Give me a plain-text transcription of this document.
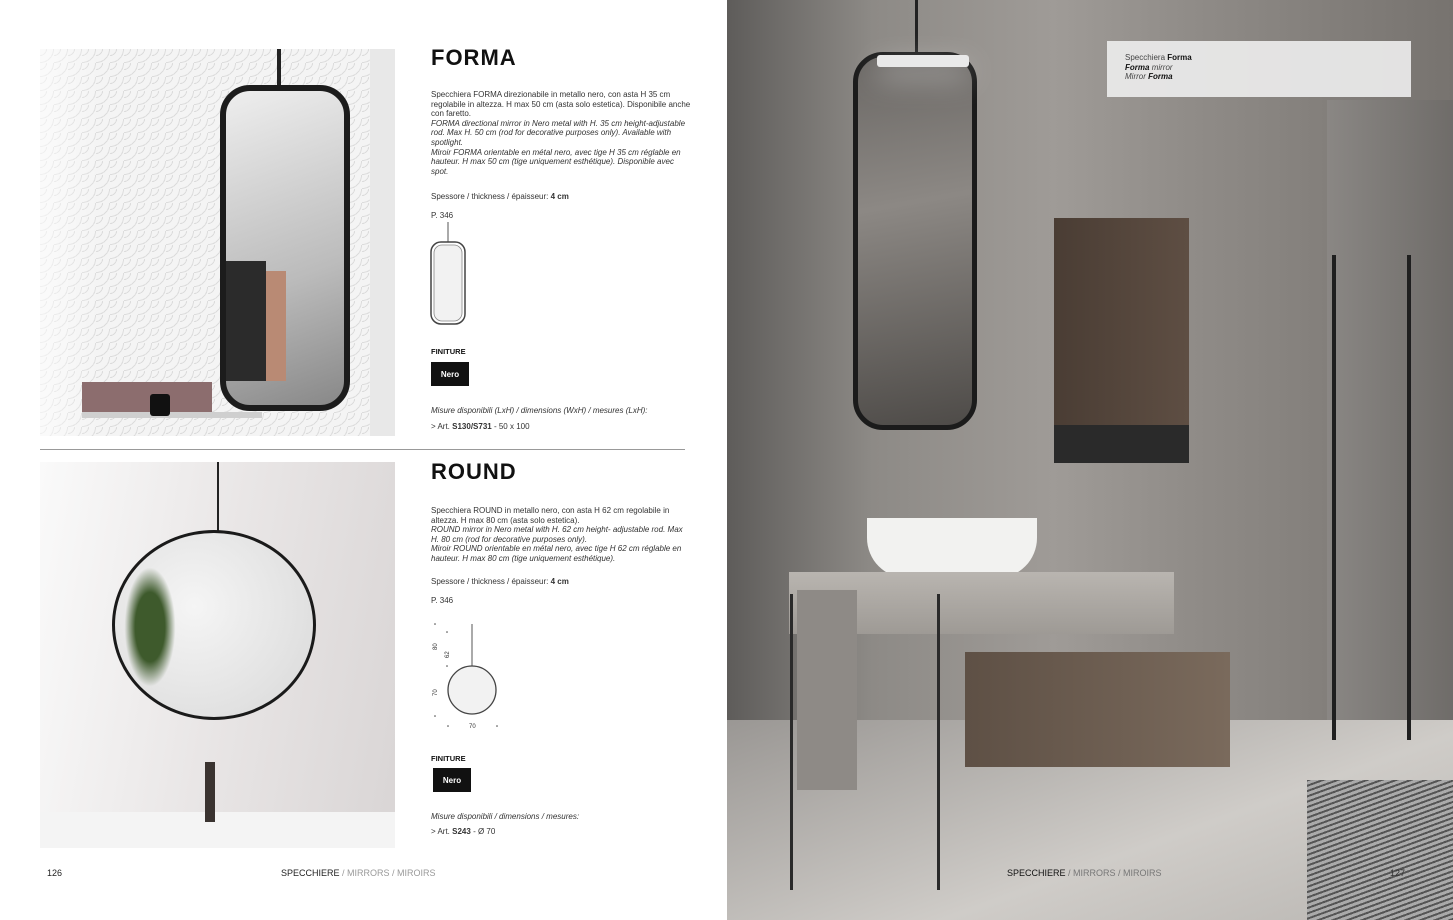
FORMA
Specchiera FORMA direzionabile in metallo nero, con asta H 35 cm regolabile in altezza. H max 50 cm (asta solo estetica). Disponibile anche con faretto.
FORMA directional mirror in Nero metal with H. 35 cm height-adjustable rod. Max H. 50 cm (rod for decorative purposes only). Available with spotlight.
Miroir FORMA orientable en métal nero, avec tige H 35 cm réglable en hauteur. H max 50 cm (tige uniquement esthétique). Disponible avec spot.
Spessore / thickness / épaisseur: 4 cm
P. 346
FINITURE
Nero
Misure disponibili (LxH) / dimensions (WxH) / mesures (LxH):
> Art. S130/S731 - 50 x 100
ROUND
Specchiera ROUND in metallo nero, con asta H 62 cm regolabile in altezza. H max 80 cm (asta solo estetica).
ROUND mirror in Nero metal with H. 62 cm height- adjustable rod. Max H. 80 cm (rod for decorative purposes only).
Miroir ROUND orientable en métal nero, avec tige H 62 cm réglable en hauteur. H max 80 cm (tige uniquement esthétique).
Spessore / thickness / épaisseur: 4 cm
P. 346
80
62
70
70
FINITURE
Nero
Misure disponibili / dimensions / mesures:
> Art. S243 - Ø 70
Specchiera Forma
Forma mirror
Mirror Forma
126	SPECCHIERE / MIRRORS / MIROIRS	SPECCHIERE / MIRRORS / MIROIRS	127
